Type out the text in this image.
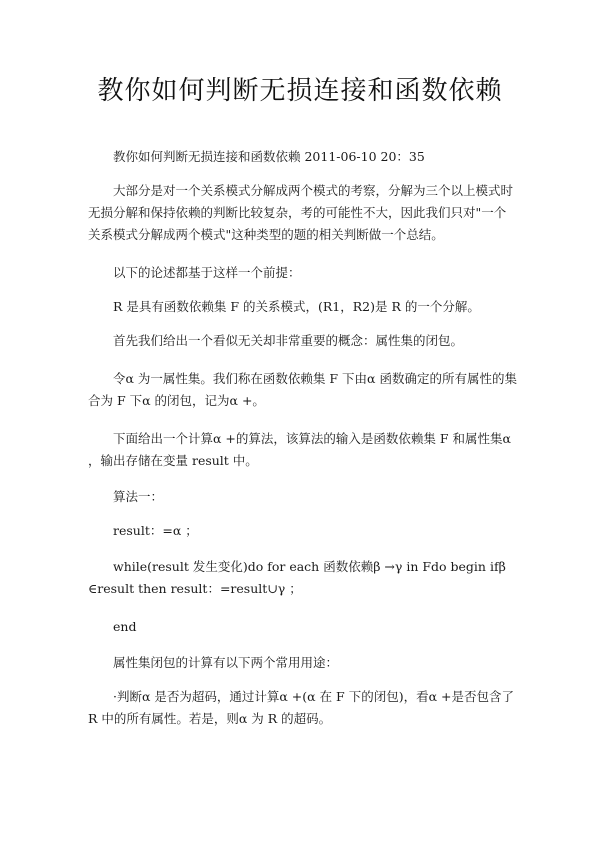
教你如何判断无损连接和函数依赖

教你如何判断无损连接和函数依赖 2011-06-10 20：35

大部分是对一个关系模式分解成两个模式的考察，分解为三个以上模式时无损分解和保持依赖的判断比较复杂，考的可能性不大，因此我们只对"一个关系模式分解成两个模式"这种类型的题的相关判断做一个总结。

以下的论述都基于这样一个前提：

R 是具有函数依赖集 F 的关系模式，(R1，R2)是 R 的一个分解。

首先我们给出一个看似无关却非常重要的概念：属性集的闭包。

令α 为一属性集。我们称在函数依赖集 F 下由α 函数确定的所有属性的集合为 F 下α 的闭包，记为α +。

下面给出一个计算α +的算法，该算法的输入是函数依赖集 F 和属性集α ，输出存储在变量 result 中。

算法一：

result：=α ；

while(result 发生变化)do for each 函数依赖β →γ in Fdo begin ifβ ∈result then result：=result∪γ ；

end

属性集闭包的计算有以下两个常用用途：

·判断α 是否为超码，通过计算α +(α 在 F 下的闭包)，看α +是否包含了 R 中的所有属性。若是，则α 为 R 的超码。
